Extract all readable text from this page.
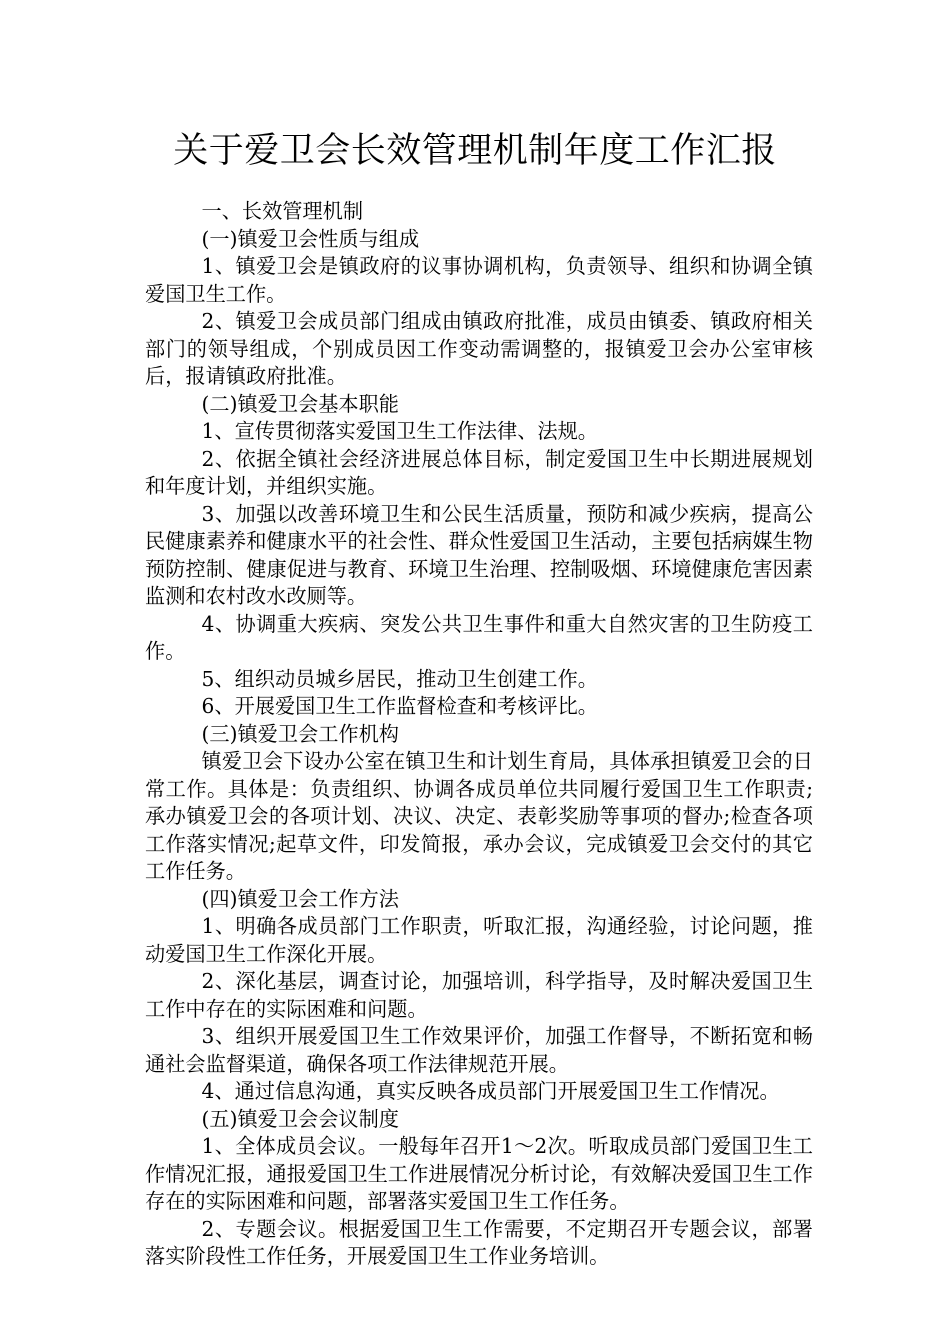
关于爱卫会长效管理机制年度工作汇报

一、长效管理机制

(一)镇爱卫会性质与组成

1、镇爱卫会是镇政府的议事协调机构，负责领导、组织和协调全镇爱国卫生工作。

2、镇爱卫会成员部门组成由镇政府批准，成员由镇委、镇政府相关部门的领导组成，个别成员因工作变动需调整的，报镇爱卫会办公室审核后，报请镇政府批准。

(二)镇爱卫会基本职能

1、宣传贯彻落实爱国卫生工作法律、法规。

2、依据全镇社会经济进展总体目标，制定爱国卫生中长期进展规划和年度计划，并组织实施。

3、加强以改善环境卫生和公民生活质量，预防和减少疾病，提高公民健康素养和健康水平的社会性、群众性爱国卫生活动，主要包括病媒生物预防控制、健康促进与教育、环境卫生治理、控制吸烟、环境健康危害因素监测和农村改水改厕等。

4、协调重大疾病、突发公共卫生事件和重大自然灾害的卫生防疫工作。

5、组织动员城乡居民，推动卫生创建工作。

6、开展爱国卫生工作监督检查和考核评比。

(三)镇爱卫会工作机构

镇爱卫会下设办公室在镇卫生和计划生育局，具体承担镇爱卫会的日常工作。具体是：负责组织、协调各成员单位共同履行爱国卫生工作职责;承办镇爱卫会的各项计划、决议、决定、表彰奖励等事项的督办;检查各项工作落实情况;起草文件，印发简报，承办会议，完成镇爱卫会交付的其它工作任务。

(四)镇爱卫会工作方法

1、明确各成员部门工作职责，听取汇报，沟通经验，讨论问题，推动爱国卫生工作深化开展。

2、深化基层，调查讨论，加强培训，科学指导，及时解决爱国卫生工作中存在的实际困难和问题。

3、组织开展爱国卫生工作效果评价，加强工作督导，不断拓宽和畅通社会监督渠道，确保各项工作法律规范开展。

4、通过信息沟通，真实反映各成员部门开展爱国卫生工作情况。

(五)镇爱卫会会议制度

1、全体成员会议。一般每年召开1～2次。听取成员部门爱国卫生工作情况汇报，通报爱国卫生工作进展情况分析讨论，有效解决爱国卫生工作存在的实际困难和问题，部署落实爱国卫生工作任务。

2、专题会议。根据爱国卫生工作需要，不定期召开专题会议，部署落实阶段性工作任务，开展爱国卫生工作业务培训。
